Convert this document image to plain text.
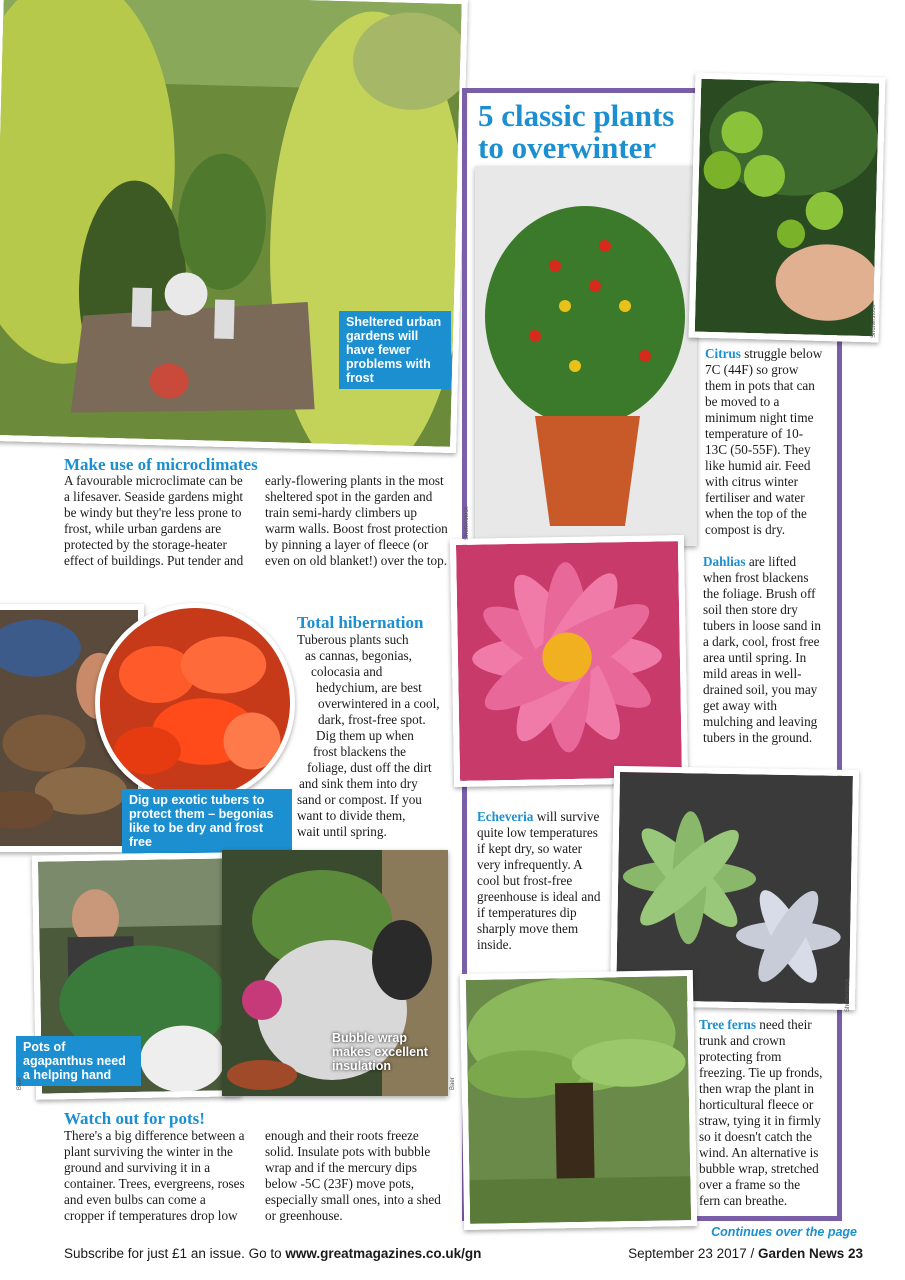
Sheltered urban gardens will have fewer problems with frost
Make use of microclimates
A favourable microclimate can be a lifesaver. Seaside gardens might be windy but they're less prone to frost, while urban gardens are protected by the storage-heater effect of buildings. Put tender and
early-flowering plants in the most sheltered spot in the garden and train semi-hardy climbers up warm walls. Boost frost protection by pinning a layer of fleece (or even on old blanket!) over the top.
Dig up exotic tubers to protect them – begonias like to be dry and frost free
Total hibernation
Tuberous plants such
as cannas, begonias,
colocasia and
hedychium, are best
overwintered in a cool,
dark, frost-free spot.
Dig them up when
frost blackens the
foliage, dust off the dirt
and sink them into dry
sand or compost. If you
want to divide them,
wait until spring.
Pots of agapanthus need a helping hand
Bubble wrap makes excellent insulation
Watch out for pots!
There's a big difference between a plant surviving the winter in the ground and surviving it in a container. Trees, evergreens, roses and even bulbs can come a cropper if temperatures drop low
enough and their roots freeze solid. Insulate pots with bubble wrap and if the mercury dips below -5C (23F) move pots, especially small ones, into a shed or greenhouse.
5 classic plants
to overwinter
Citrus struggle below 7C (44F) so grow them in pots that can be moved to a minimum night time temperature of 10-13C (50-55F). They like humid air. Feed with citrus winter fertiliser and water when the top of the compost is dry.
Dahlias are lifted when frost blackens the foliage. Brush off soil then store dry tubers in loose sand in a dark, cool, frost free area until spring. In mild areas in well-drained soil, you may get away with mulching and leaving tubers in the ground.
Echeveria will survive quite low temperatures if kept dry, so water very infrequently. A cool but frost-free greenhouse is ideal and if temperatures dip sharply move them inside.
Tree ferns need their trunk and crown protecting from freezing. Tie up fronds, then wrap the plant in horticultural fleece or straw, tying it in firmly so it doesn't catch the wind. An alternative is bubble wrap, stretched over a frame so the fern can breathe.
Shutterstock
Shutterstock
Shutterstock
Baer	Baer
Continues over the page
Subscribe for just £1 an issue. Go to www.greatmagazines.co.uk/gn	September 23 2017 / Garden News 23
